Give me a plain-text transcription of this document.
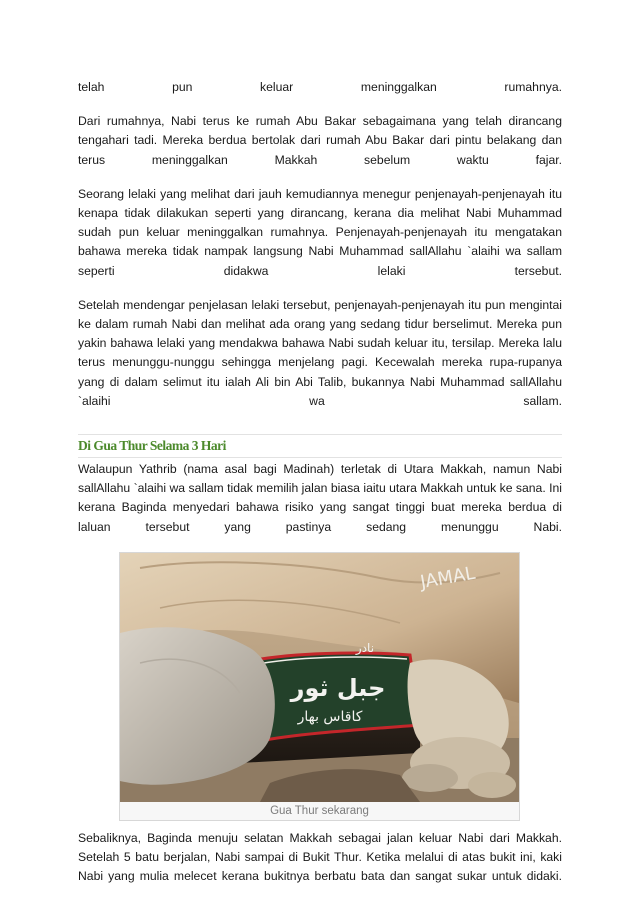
telah pun keluar meninggalkan rumahnya.

Dari rumahnya, Nabi terus ke rumah Abu Bakar sebagaimana yang telah dirancang tengahari tadi. Mereka berdua bertolak dari rumah Abu Bakar dari pintu belakang dan terus meninggalkan Makkah sebelum waktu fajar.

Seorang lelaki yang melihat dari jauh kemudiannya menegur penjenayah-penjenayah itu kenapa tidak dilakukan seperti yang dirancang, kerana dia melihat Nabi Muhammad sudah pun keluar meninggalkan rumahnya. Penjenayah-penjenayah itu mengatakan bahawa mereka tidak nampak langsung Nabi Muhammad sallAllahu `alaihi wa sallam seperti didakwa lelaki tersebut.

Setelah mendengar penjelasan lelaki tersebut, penjenayah-penjenayah itu pun mengintai ke dalam rumah Nabi dan melihat ada orang yang sedang tidur berselimut. Mereka pun yakin bahawa lelaki yang mendakwa bahawa Nabi sudah keluar itu, tersilap. Mereka lalu terus menunggu-nunggu sehingga menjelang pagi. Kecewalah mereka rupa-rupanya yang di dalam selimut itu ialah Ali bin Abi Talib, bukannya Nabi Muhammad sallAllahu `alaihi wa sallam.

Di Gua Thur Selama 3 Hari

Walaupun Yathrib (nama asal bagi Madinah) terletak di Utara Makkah, namun Nabi sallAllahu `alaihi wa sallam tidak memilih jalan biasa iaitu utara Makkah untuk ke sana. Ini kerana Baginda menyedari bahawa risiko yang sangat tinggi buat mereka berdua di laluan tersebut yang pastinya sedang menunggu Nabi.

JAMAL
نادر
جبل ثور
كاقاس بهار
Gua Thur sekarang

Sebaliknya, Baginda menuju selatan Makkah sebagai jalan keluar Nabi dari Makkah. Setelah 5 batu berjalan, Nabi sampai di Bukit Thur. Ketika melalui di atas bukit ini, kaki Nabi yang mulia melecet kerana bukitnya berbatu bata dan sangat sukar untuk didaki.
